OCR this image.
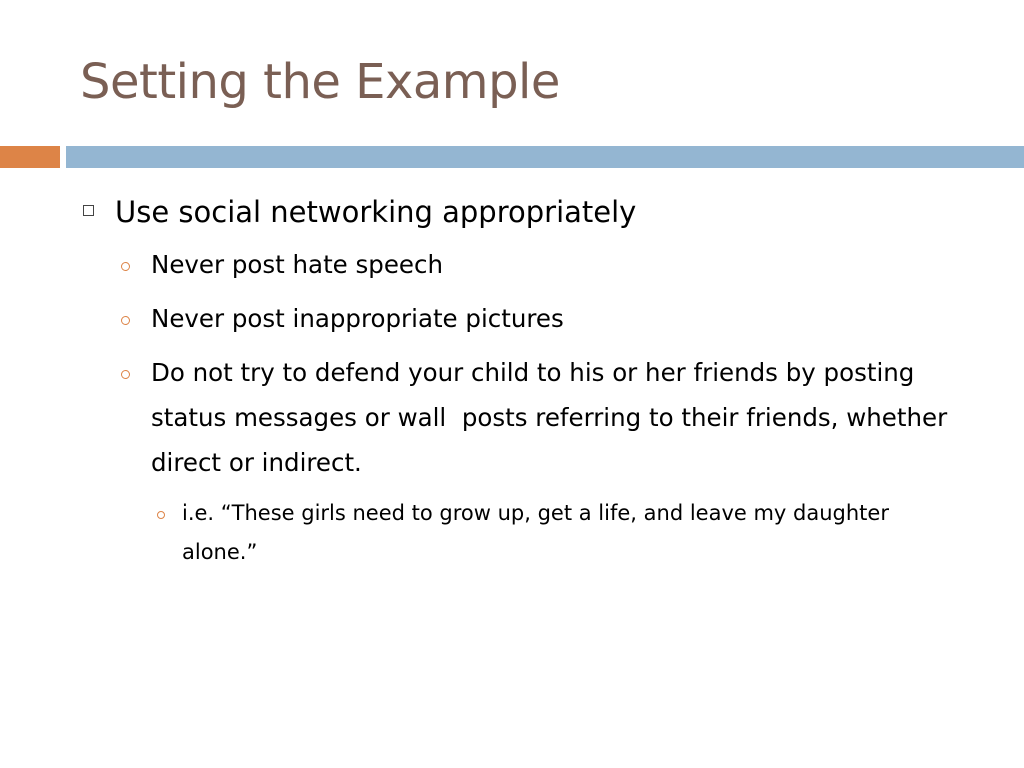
Setting the Example
Use social networking appropriately
Never post hate speech
Never post inappropriate pictures
Do not try to defend your child to his or her friends by posting status messages or wall  posts referring to their friends, whether direct or indirect.
i.e. “These girls need to grow up, get a life, and leave my daughter alone.”
